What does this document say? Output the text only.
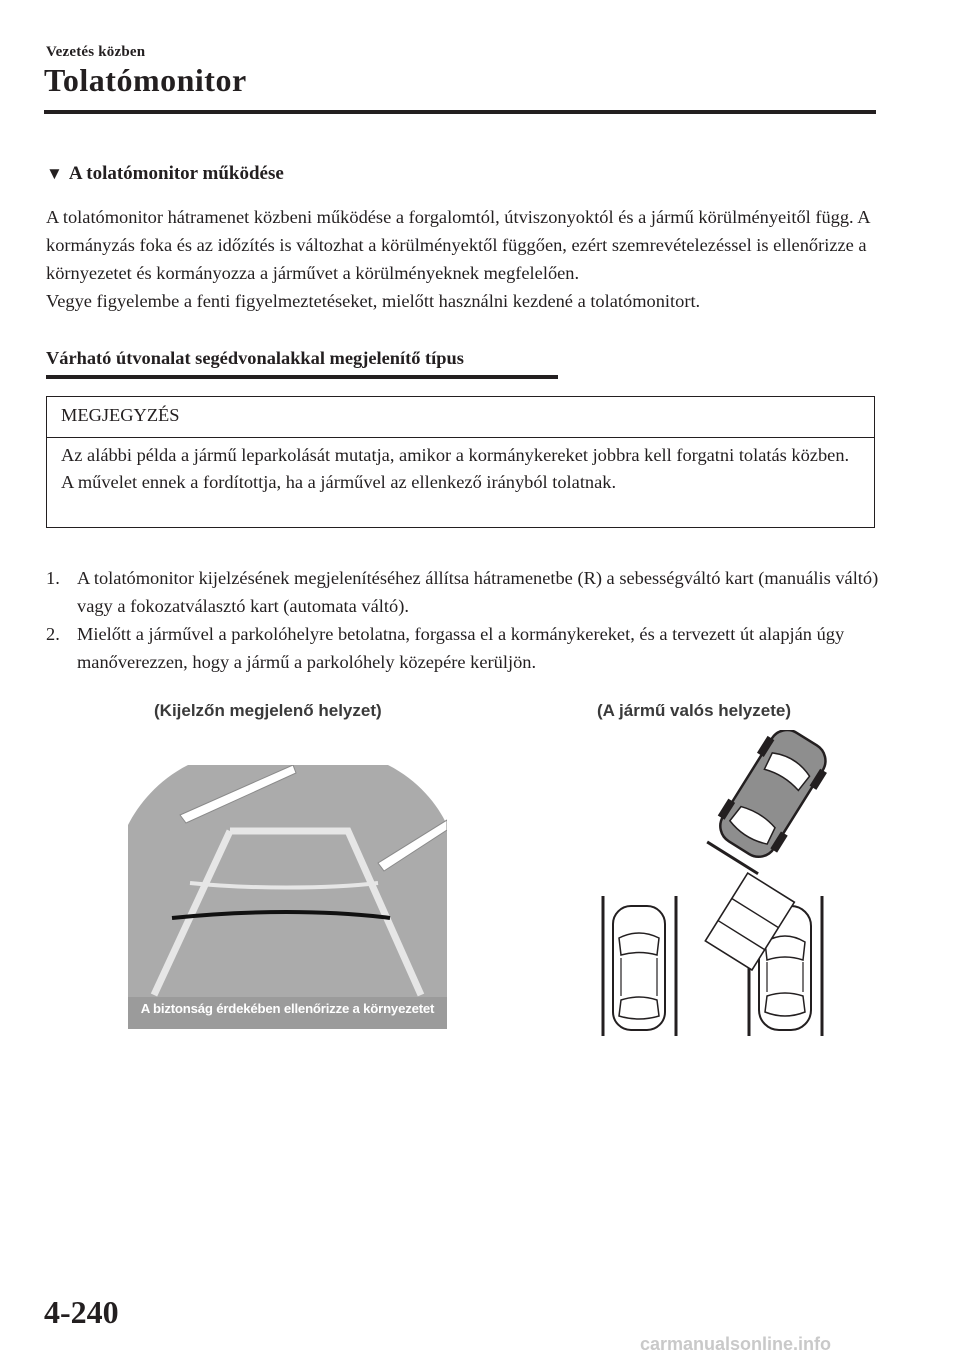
Vezetés közben
Tolatómonitor
▼ A tolatómonitor működése

A tolatómonitor hátramenet közbeni működése a forgalomtól, útviszonyoktól és a jármű körülményeitől függ. A kormányzás foka és az időzítés is változhat a körülményektől függően, ezért szemrevételezéssel is ellenőrizze a környezetet és kormányozza a járművet a körülményeknek megfelelően.

Vegye figyelembe a fenti figyelmeztetéseket, mielőtt használni kezdené a tolatómonitort.

Várható útvonalat segédvonalakkal megjelenítő típus
MEGJEGYZÉS
Az alábbi példa a jármű leparkolását mutatja, amikor a kormánykereket jobbra kell forgatni tolatás közben. A művelet ennek a fordítottja, ha a járművel az ellenkező irányból tolatnak.
1. A tolatómonitor kijelzésének megjelenítéséhez állítsa hátramenetbe (R) a sebességváltó kart (manuális váltó) vagy a fokozatválasztó kart (automata váltó).
2. Mielőtt a járművel a parkolóhelyre betolatna, forgassa el a kormánykereket, és a tervezett út alapján úgy manőverezzen, hogy a jármű a parkolóhely közepére kerüljön.
(Kijelzőn megjelenő helyzet)	(A jármű valós helyzete)
A biztonság érdekében ellenőrizze a környezetet
4-240
carmanualsonline.info
